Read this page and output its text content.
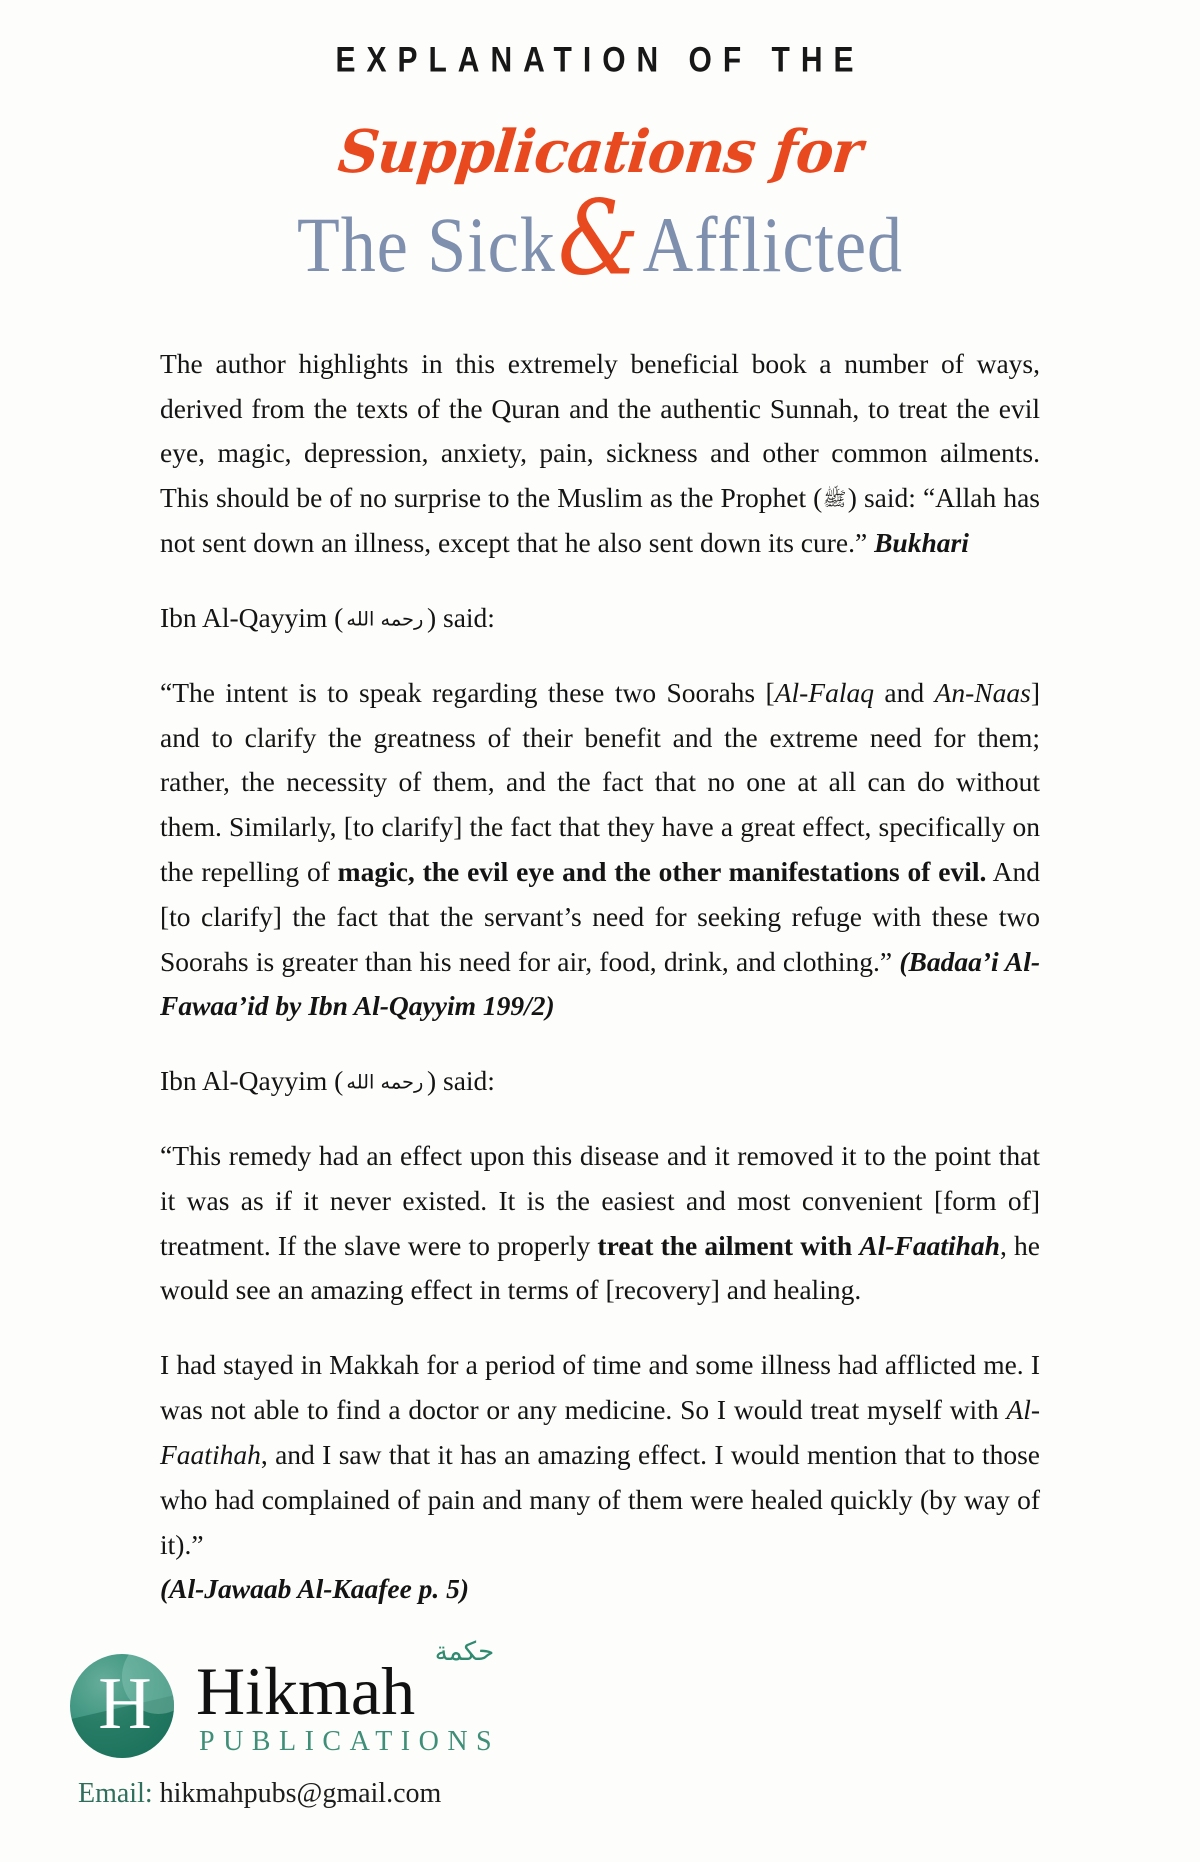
EXPLANATION OF THE
Supplications for
The Sick&Afflicted

The author highlights in this extremely beneficial book a number of ways, derived from the texts of the Quran and the authentic Sunnah, to treat the evil eye, magic, depression, anxiety, pain, sickness and other common ailments. This should be of no surprise to the Muslim as the Prophet (ﷺ) said: “Allah has not sent down an illness, except that he also sent down its cure.” Bukhari

Ibn Al-Qayyim ( رحمه الله ) said:

“The intent is to speak regarding these two Soorahs [Al-Falaq and An-Naas] and to clarify the greatness of their benefit and the extreme need for them; rather, the necessity of them, and the fact that no one at all can do without them. Similarly, [to clarify] the fact that they have a great effect, specifically on the repelling of magic, the evil eye and the other manifestations of evil. And [to clarify] the fact that the servant’s need for seeking refuge with these two Soorahs is greater than his need for air, food, drink, and clothing.” (Badaa’i Al-Fawaa’id by Ibn Al-Qayyim 199/2)

Ibn Al-Qayyim ( رحمه الله ) said:

“This remedy had an effect upon this disease and it removed it to the point that it was as if it never existed. It is the easiest and most convenient [form of] treatment. If the slave were to properly treat the ailment with Al-Faatihah, he would see an amazing effect in terms of [recovery] and healing.

I had stayed in Makkah for a period of time and some illness had afflicted me. I was not able to find a doctor or any medicine. So I would treat myself with Al-Faatihah, and I saw that it has an amazing effect. I would mention that to those who had complained of pain and many of them were healed quickly (by way of it).”

(Al-Jawaab Al-Kaafee p. 5)

H
حكمة
Hikmah
PUBLICATIONS
Email: hikmahpubs@gmail.com
